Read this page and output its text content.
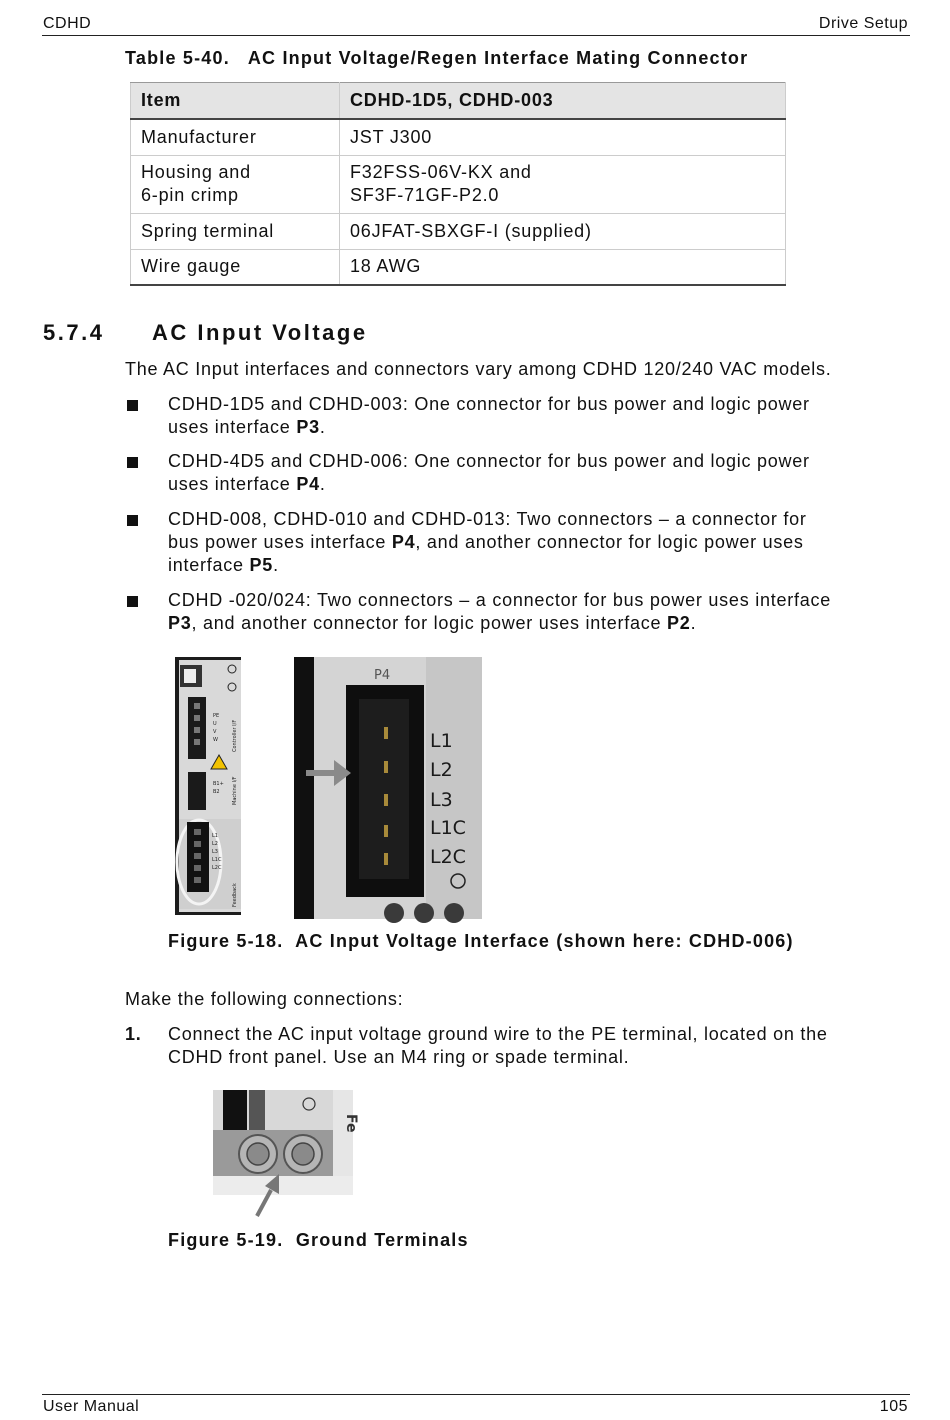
CDHD	Drive Setup
Table 5-40.   AC Input Voltage/Regen Interface Mating Connector
Item	CDHD-1D5, CDHD-003
Manufacturer	JST J300
Housing and
6-pin crimp	F32FSS-06V-KX and
SF3F-71GF-P2.0
Spring terminal	06JFAT-SBXGF-I (supplied)
Wire gauge	18 AWG
5.7.4 AC Input Voltage
The AC Input interfaces and connectors vary among CDHD 120/240 VAC models.
CDHD-1D5 and CDHD-003: One connector for bus power and logic power
uses interface P3.
CDHD-4D5 and CDHD-006: One connector for bus power and logic power
uses interface P4.
CDHD-008, CDHD-010 and CDHD-013: Two connectors – a connector for
bus power uses interface P4, and another connector for logic power uses
interface P5.
CDHD -020/024: Two connectors – a connector for bus power uses interface
P3, and another connector for logic power uses interface P2.
PE
U
V
W
B1+
B2
L1
L2
L3
L1C
L2C
Controller I/F
Machine I/F
Feedback
P4
L1
L2
L3
L1C
L2C
Figure 5-18.  AC Input Voltage Interface (shown here: CDHD-006)
Make the following connections:
1. Connect the AC input voltage ground wire to the PE terminal, located on the
CDHD front panel. Use an M4 ring or spade terminal.
Fe
Figure 5-19.  Ground Terminals
User Manual	105
